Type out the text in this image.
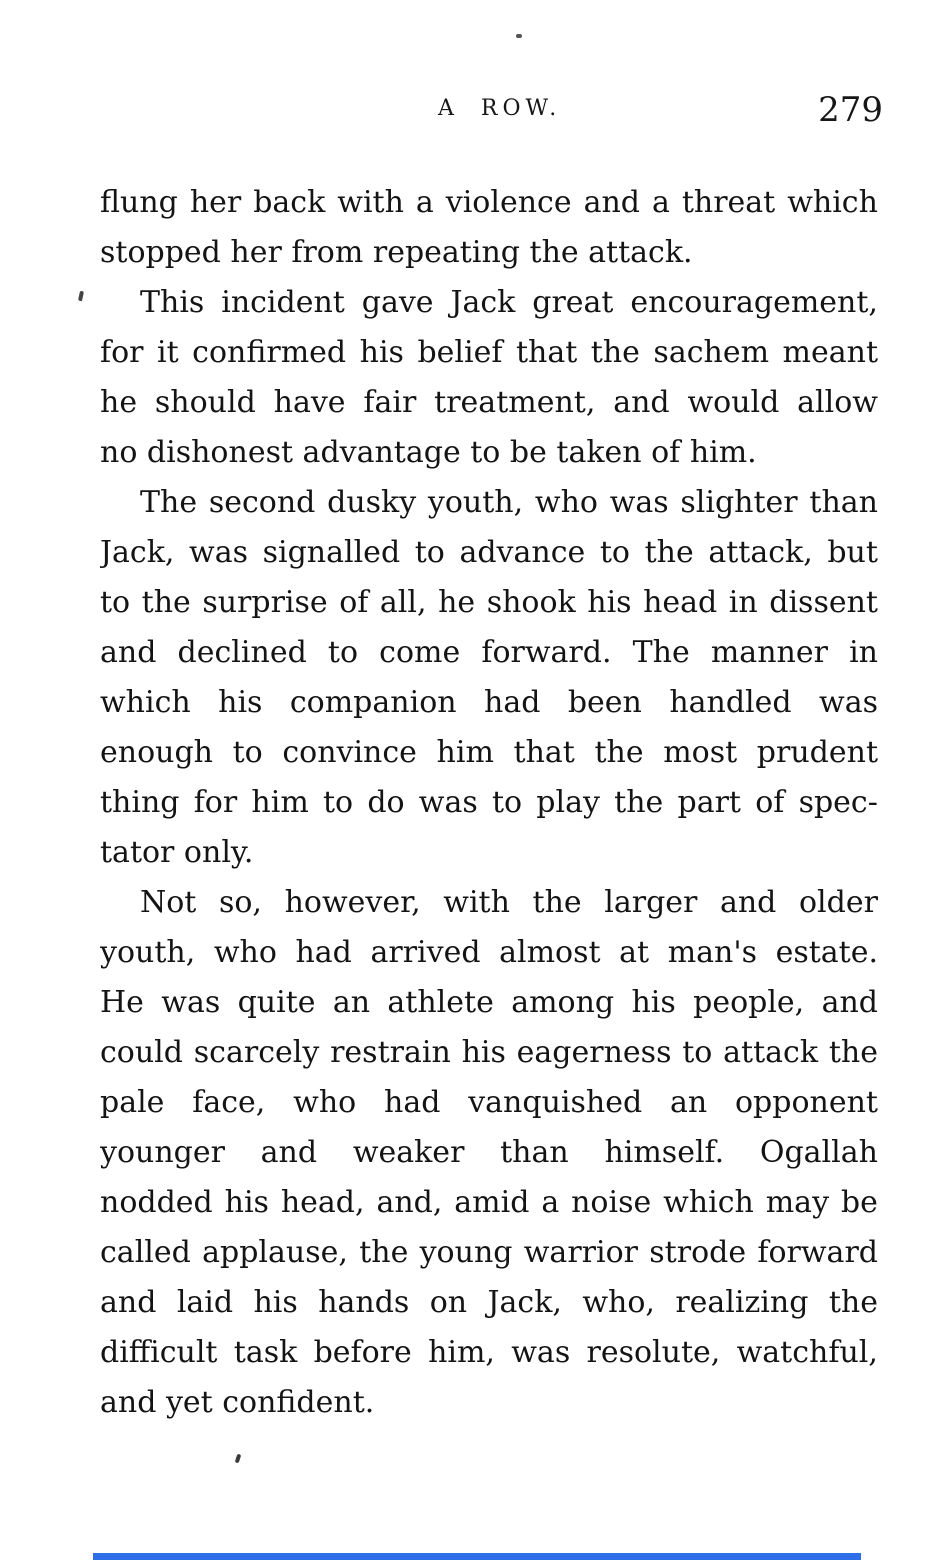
A ROW.	279
flung her back with a violence and a threat which
stopped her from repeating the attack.
This incident gave Jack great encouragement,
for it confirmed his belief that the sachem meant
he should have fair treatment, and would allow
no dishonest advantage to be taken of him.
The second dusky youth, who was slighter than
Jack, was signalled to advance to the attack, but
to the surprise of all, he shook his head in dissent
and declined to come forward. The manner in
which his companion had been handled was
enough to convince him that the most prudent
thing for him to do was to play the part of spec-
tator only.
Not so, however, with the larger and older
youth, who had arrived almost at man's estate.
He was quite an athlete among his people, and
could scarcely restrain his eagerness to attack the
pale face, who had vanquished an opponent
younger and weaker than himself. Ogallah
nodded his head, and, amid a noise which may be
called applause, the young warrior strode forward
and laid his hands on Jack, who, realizing the
difficult task before him, was resolute, watchful,
and yet confident.
